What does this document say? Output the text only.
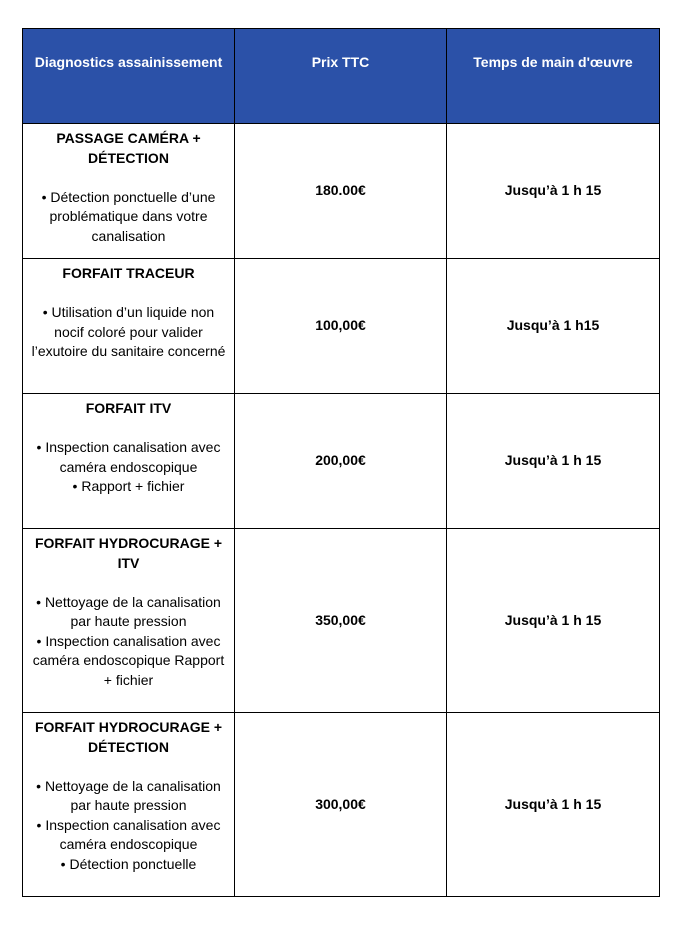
Diagnostics assainissement	Prix TTC	Temps de main d'œuvre

PASSAGE CAMÉRA + DÉTECTION
• Détection ponctuelle d’une problématique dans votre canalisation	180.00€	Jusqu’à 1 h 15

FORFAIT TRACEUR
• Utilisation d’un liquide non nocif coloré pour valider l’exutoire du sanitaire concerné	100,00€	Jusqu’à 1 h15

FORFAIT ITV
• Inspection canalisation avec caméra endoscopique
• Rapport + fichier	200,00€	Jusqu’à 1 h 15

FORFAIT HYDROCURAGE + ITV
• Nettoyage de la canalisation par haute pression
• Inspection canalisation avec caméra endoscopique Rapport + fichier	350,00€	Jusqu’à 1 h 15

FORFAIT HYDROCURAGE + DÉTECTION
• Nettoyage de la canalisation par haute pression
• Inspection canalisation avec caméra endoscopique
• Détection ponctuelle	300,00€	Jusqu’à 1 h 15
